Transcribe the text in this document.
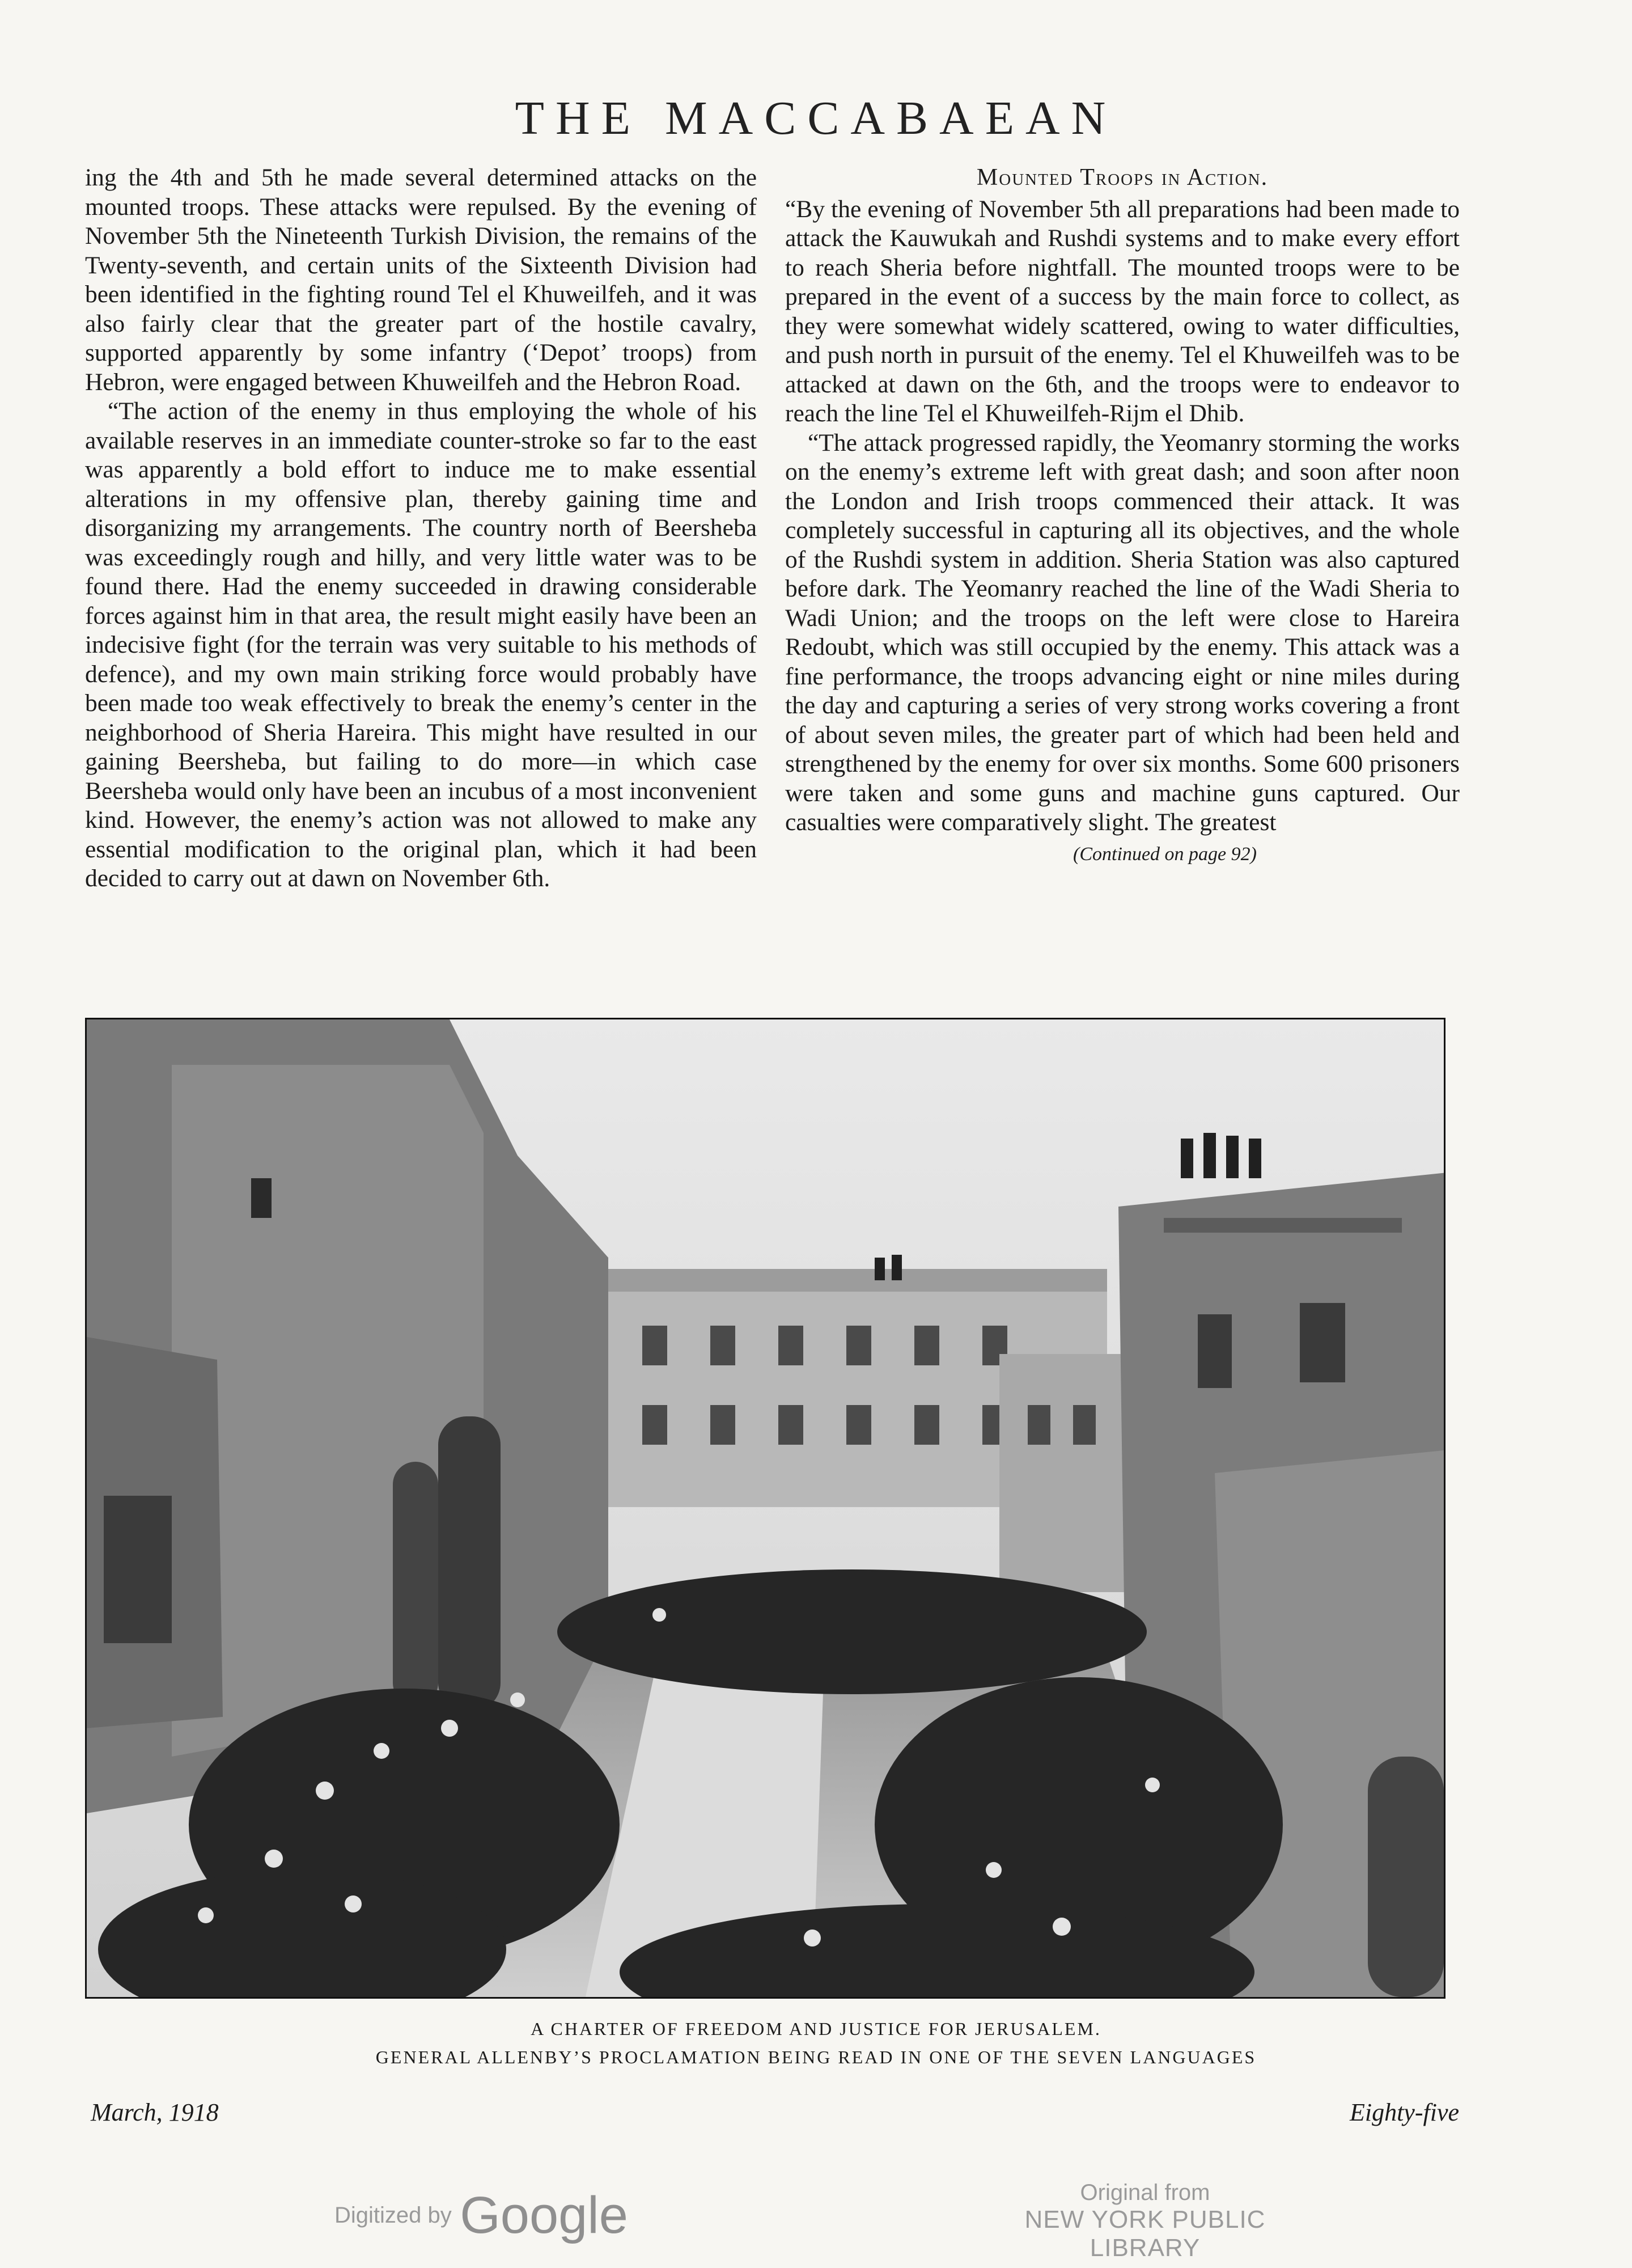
THE MACCABAEAN

ing the 4th and 5th he made several determined attacks on the mounted troops. These attacks were repulsed. By the evening of November 5th the Nineteenth Turkish Division, the remains of the Twenty-seventh, and certain units of the Sixteenth Division had been identified in the fighting round Tel el Khuweilfeh, and it was also fairly clear that the greater part of the hostile cavalry, supported apparently by some infantry (‘Depot’ troops) from Hebron, were engaged between Khuweilfeh and the Hebron Road.

“The action of the enemy in thus employing the whole of his available reserves in an immediate counter-stroke so far to the east was apparently a bold effort to induce me to make essential alterations in my offensive plan, thereby gaining time and disorganizing my arrangements. The country north of Beersheba was exceedingly rough and hilly, and very little water was to be found there. Had the enemy succeeded in drawing considerable forces against him in that area, the result might easily have been an indecisive fight (for the terrain was very suitable to his methods of defence), and my own main striking force would probably have been made too weak effectively to break the enemy’s center in the neighborhood of Sheria Hareira. This might have resulted in our gaining Beersheba, but failing to do more—in which case Beersheba would only have been an incubus of a most inconvenient kind. However, the enemy’s action was not allowed to make any essential modification to the original plan, which it had been decided to carry out at dawn on November 6th.

Mounted Troops in Action.

“By the evening of November 5th all preparations had been made to attack the Kauwukah and Rushdi systems and to make every effort to reach Sheria before nightfall. The mounted troops were to be prepared in the event of a success by the main force to collect, as they were somewhat widely scattered, owing to water difficulties, and push north in pursuit of the enemy. Tel el Khuweilfeh was to be attacked at dawn on the 6th, and the troops were to endeavor to reach the line Tel el Khuweilfeh-Rijm el Dhib.

“The attack progressed rapidly, the Yeomanry storming the works on the enemy’s extreme left with great dash; and soon after noon the London and Irish troops commenced their attack. It was completely successful in capturing all its objectives, and the whole of the Rushdi system in addition. Sheria Station was also captured before dark. The Yeomanry reached the line of the Wadi Sheria to Wadi Union; and the troops on the left were close to Hareira Redoubt, which was still occupied by the enemy. This attack was a fine performance, the troops advancing eight or nine miles during the day and capturing a series of very strong works covering a front of about seven miles, the greater part of which had been held and strengthened by the enemy for over six months. Some 600 prisoners were taken and some guns and machine guns captured. Our casualties were comparatively slight. The greatest

(Continued on page 92)
A CHARTER OF FREEDOM AND JUSTICE FOR JERUSALEM.
GENERAL ALLENBY’S PROCLAMATION BEING READ IN ONE OF THE SEVEN LANGUAGES
March, 1918	Eighty-five
Digitized by Google	Original from
NEW YORK PUBLIC LIBRARY
